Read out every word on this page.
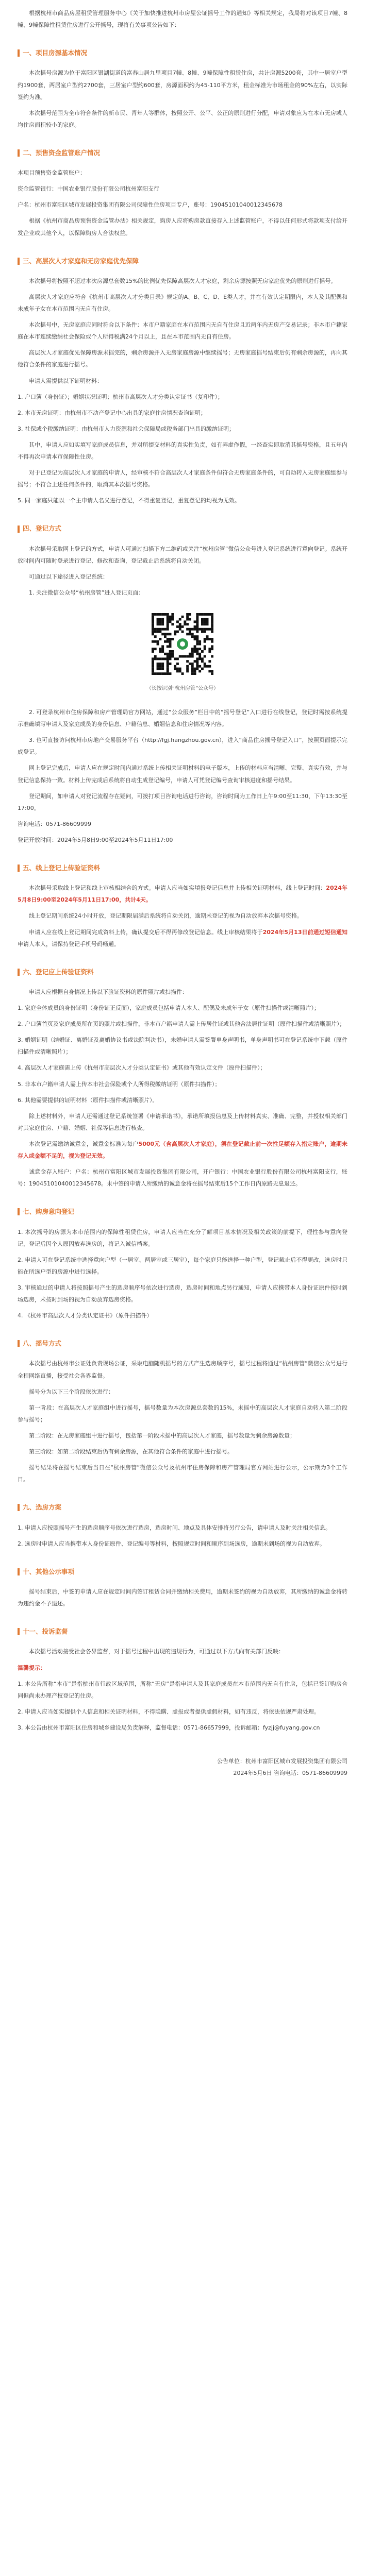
根据杭州市商品房屋租赁管理服务中心《关于加快推进杭州市房屋公证摇号工作的通知》等相关规定，我局将对该项目7幢、8幢、9幢保障性租赁住房进行公开摇号，现将有关事项公告如下：

一、项目房源基本情况

本次摇号房源为位于富阳区银湖街道的富春山居九里项目7幢、8幢、9幢保障性租赁住房，共计房源5200套，其中一居室户型约1900套，两居室户型约2700套，三居室户型约600套，房源面积约为45-110平方米，租金标准为市场租金的90%左右，以实际签约为准。

本次摇号范围为全市符合条件的新市民、青年人等群体，按照公开、公平、公正的原则进行分配，申请对象应为在本市无房或人均住房面积较小的家庭。

二、预售资金监管账户情况

本项目预售资金监管账户：

资金监管银行：中国农业银行股份有限公司杭州富阳支行

户名：杭州市富阳区城市发展投资集团有限公司保障性住房项目专户，账号：19045101040012345678

根据《杭州市商品房预售资金监管办法》相关规定，购房人应将购房款直接存入上述监管账户，不得以任何形式将款项支付给开发企业或其他个人，以保障购房人合法权益。

三、高层次人才家庭和无房家庭优先保障

本次摇号将按照不超过本次房源总套数15%的比例优先保障高层次人才家庭，剩余房源按照无房家庭优先的原则进行摇号。

高层次人才家庭应符合《杭州市高层次人才分类目录》规定的A、B、C、D、E类人才，并在有效认定期限内，本人及其配偶和未成年子女在本市范围内无自有住房。

本次摇号中，无房家庭应同时符合以下条件：本市户籍家庭在本市范围内无自有住房且近两年内无房产交易记录；非本市户籍家庭在本市连续缴纳社会保险或个人所得税满24个月以上，且在本市范围内无自有住房。

高层次人才家庭优先保障房源未摇完的，剩余房源并入无房家庭房源中继续摇号；无房家庭摇号结束后仍有剩余房源的，再向其他符合条件的家庭进行摇号。

申请人需提供以下证明材料：

1. 户口簿（身份证）；婚姻状况证明；杭州市高层次人才分类认定证书（复印件）；

2. 本市无房证明：由杭州市不动产登记中心出具的家庭住房情况查询证明；

3. 社保或个税缴纳证明：由杭州市人力资源和社会保障局或税务部门出具的缴纳证明；

其中，申请人应如实填写家庭成员信息，并对所提交材料的真实性负责，如有弄虚作假，一经查实即取消其摇号资格，且五年内不得再次申请本市保障性住房。

对于已登记为高层次人才家庭的申请人，经审核不符合高层次人才家庭条件但符合无房家庭条件的，可自动转入无房家庭组参与摇号；不符合上述任何条件的，取消其本次摇号资格。

5. 同一家庭只能以一个主申请人名义进行登记，不得重复登记，重复登记的均视为无效。

四、登记方式

本次摇号采取网上登记的方式，申请人可通过扫描下方二维码或关注“杭州房管”微信公众号进入登记系统进行意向登记。系统开放时间内可随时登录进行登记、修改和查询，登记截止后系统将自动关闭。

可通过以下途径进入登记系统：

1. 关注微信公众号“杭州房管”进入登记页面：

（长按识别“杭州房管”公众号）

2. 可登录杭州市住房保障和房产管理局官方网站，通过“公众服务”栏目中的“摇号登记”入口进行在线登记，登记时需按系统提示准确填写申请人及家庭成员的身份信息、户籍信息、婚姻信息和住房情况等内容。

3. 也可直接访问杭州市房地产交易服务平台（http://fgj.hangzhou.gov.cn），进入“商品住房摇号登记入口”，按照页面提示完成登记。

网上登记完成后，申请人应在规定时间内通过系统上传相关证明材料的电子版本，上传的材料应当清晰、完整、真实有效，并与登记信息保持一致。材料上传完成后系统将自动生成登记编号，申请人可凭登记编号查询审核进度和摇号结果。

登记期间，如申请人对登记流程存在疑问，可拨打项目咨询电话进行咨询，咨询时间为工作日上午9:00至11:30，下午13:30至17:00。

咨询电话：0571-86609999

登记开放时间：2024年5月8日9:00至2024年5月11日17:00

五、线上登记上传验证资料

本次摇号采取线上登记和线上审核相结合的方式。申请人应当如实填报登记信息并上传相关证明材料，线上登记时间：2024年5月8日9:00至2024年5月11日17:00，共计4天。

线上登记期间系统24小时开放，登记期限届满后系统将自动关闭，逾期未登记的视为自动放弃本次摇号资格。

申请人应在线上登记期间完成资料上传，确认提交后不得再修改登记信息。线上审核结果将于2024年5月13日前通过短信通知申请人本人，请保持登记手机号码畅通。

六、登记应上传验证资料

申请人应根据自身情况上传以下验证资料的原件照片或扫描件：

1. 家庭全体成员的身份证明（身份证正反面），家庭成员包括申请人本人、配偶及未成年子女（原件扫描件或清晰照片）；

2. 户口簿首页及家庭成员所在页的照片或扫描件，非本市户籍申请人需上传居住证或其他合法居住证明（原件扫描件或清晰照片）；

3. 婚姻证明（结婚证、离婚证及离婚协议书或法院判决书），未婚申请人需签署单身声明书，单身声明书可在登记系统中下载（原件扫描件或清晰照片）；

4. 高层次人才家庭需上传《杭州市高层次人才分类认定证书》或其他有效认定文件（原件扫描件）；

5. 非本市户籍申请人需上传本市社会保险或个人所得税缴纳证明（原件扫描件）；

6. 其他需要提供的证明材料（原件扫描件或清晰照片）。

除上述材料外，申请人还需通过登记系统签署《申请承诺书》，承诺所填报信息及上传材料真实、准确、完整，并授权相关部门对其家庭住房、户籍、婚姻、社保等信息进行核查。

本次登记需缴纳诚意金，诚意金标准为每户5000元（含高层次人才家庭），须在登记截止前一次性足额存入指定账户，逾期未存入或金额不足的，视为登记无效。

诚意金存入账户：户名：杭州市富阳区城市发展投资集团有限公司，开户银行：中国农业银行股份有限公司杭州富阳支行，账号：19045101040012345678。未中签的申请人所缴纳的诚意金将在摇号结束后15个工作日内原路无息退还。

七、购房意向登记

1. 本次摇号的房源为本市范围内的保障性租赁住房，申请人应当在充分了解项目基本情况及相关政策的前提下，理性参与意向登记，登记后因个人原因放弃选房的，将记入诚信档案。

2. 申请人可在登记系统中选择意向户型（一居室、两居室或三居室），每个家庭只能选择一种户型，登记截止后不得更改，选房时只能在所选户型的房源中进行选择。

3. 审核通过的申请人将按照摇号产生的选房顺序号依次进行选房，选房时间和地点另行通知，申请人应携带本人身份证原件按时到场选房，未按时到场的视为自动放弃选房资格。

4. 《杭州市高层次人才分类认定证书》（原件扫描件）

八、摇号方式

本次摇号由杭州市公证处负责现场公证，采取电脑随机摇号的方式产生选房顺序号，摇号过程将通过“杭州房管”微信公众号进行全程网络直播，接受社会各界监督。

摇号分为以下三个阶段依次进行：

第一阶段：在高层次人才家庭组中进行摇号，摇号数量为本次房源总套数的15%，未摇中的高层次人才家庭自动转入第二阶段参与摇号；

第二阶段：在无房家庭组中进行摇号，包括第一阶段未摇中的高层次人才家庭，摇号数量为剩余房源数量；

第三阶段：如第二阶段结束后仍有剩余房源，在其他符合条件的家庭中进行摇号。

摇号结果将在摇号结束后当日在“杭州房管”微信公众号及杭州市住房保障和房产管理局官方网站进行公示，公示期为3个工作日。

九、选房方案

1. 申请人应按照摇号产生的选房顺序号依次进行选房，选房时间、地点及具体安排将另行公告，请申请人及时关注相关信息。

2. 选房时申请人应当携带本人身份证原件、登记编号等材料，按照规定时间和顺序到场选房，逾期未到场的视为自动放弃。

十、其他公示事项

摇号结束后，中签的申请人应在规定时间内签订租赁合同并缴纳相关费用，逾期未签约的视为自动放弃，其所缴纳的诚意金将转为违约金不予退还。

十一、投诉监督

本次摇号活动接受社会各界监督，对于摇号过程中出现的违规行为，可通过以下方式向有关部门反映：

温馨提示：

1. 本公告所称“本市”是指杭州市行政区域范围，所称“无房”是指申请人及其家庭成员在本市范围内无自有住房，包括已签订购房合同但尚未办理产权登记的住房。

2. 申请人应当如实提供个人信息和相关证明材料，不得隐瞒、虚报或者提供虚假材料，如有违反，将依法依规严肃处理。

3. 本公告由杭州市富阳区住房和城乡建设局负责解释，监督电话：0571-86657999，投诉邮箱：fyzjj@fuyang.gov.cn

公告单位：杭州市富阳区城市发展投资集团有限公司

2024年5月6日 咨询电话：0571-86609999
